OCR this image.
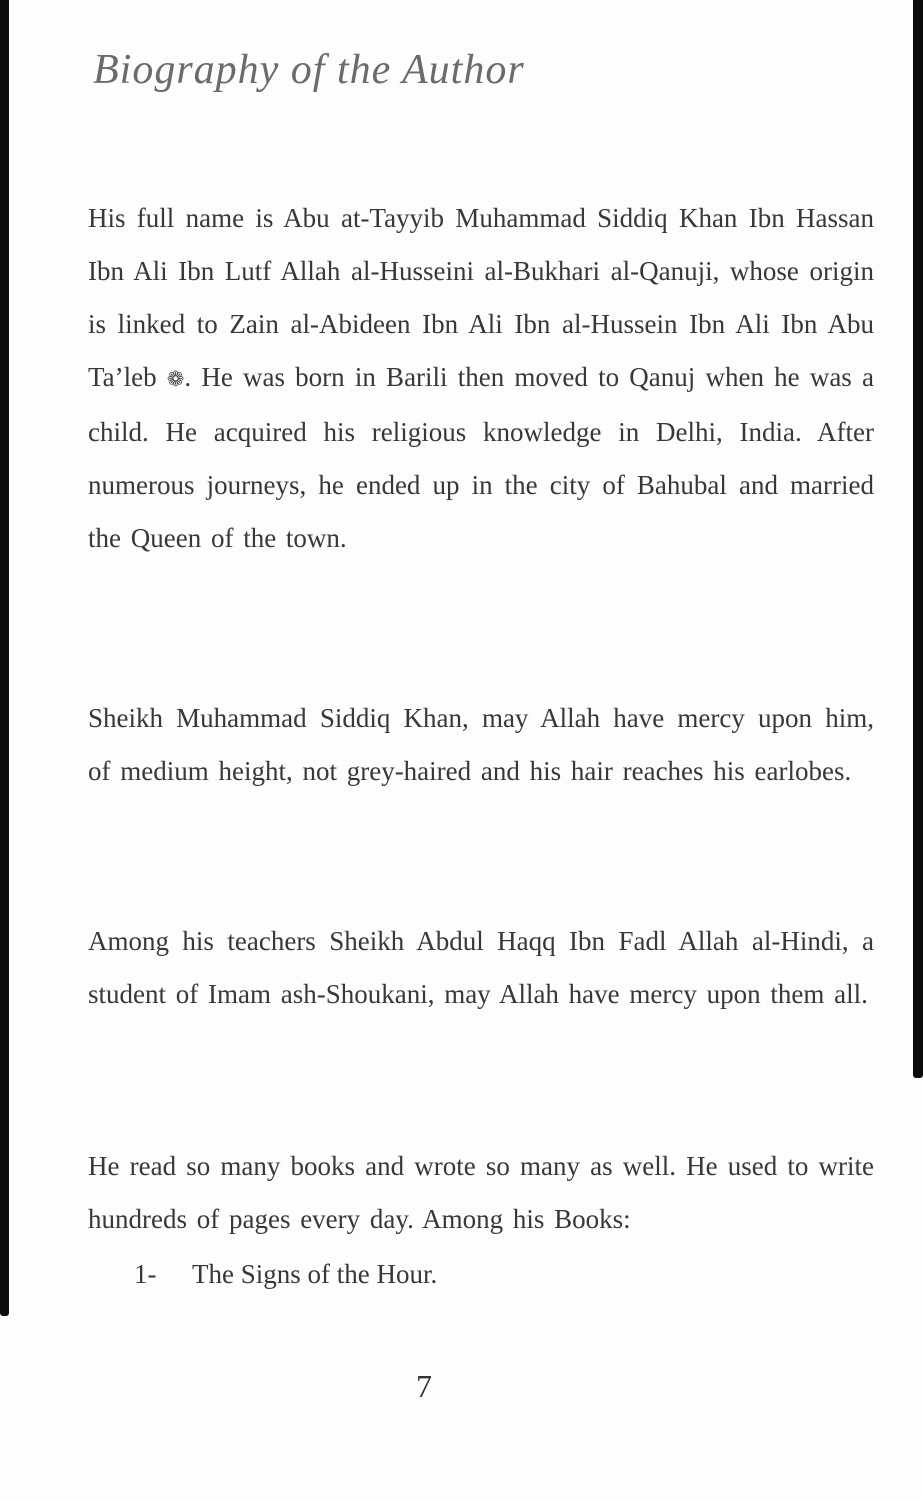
Biography of the Author

His full name is Abu at-Tayyib Muhammad Siddiq Khan Ibn Hassan Ibn Ali Ibn Lutf Allah al-Husseini al-Bukhari al-Qanuji, whose origin is linked to Zain al-Abideen Ibn Ali Ibn al-Hussein Ibn Ali Ibn Abu Ta’leb ❁. He was born in Barili then moved to Qanuj when he was a child. He acquired his religious knowledge in Delhi, India. After numerous journeys, he ended up in the city of Bahubal and married the Queen of the town.

Sheikh Muhammad Siddiq Khan, may Allah have mercy upon him, of medium height, not grey-haired and his hair reaches his earlobes.

Among his teachers Sheikh Abdul Haqq Ibn Fadl Allah al-Hindi, a student of Imam ash-Shoukani, may Allah have mercy upon them all.

He read so many books and wrote so many as well. He used to write hundreds of pages every day. Among his Books:

1-	The Signs of the Hour.
7
